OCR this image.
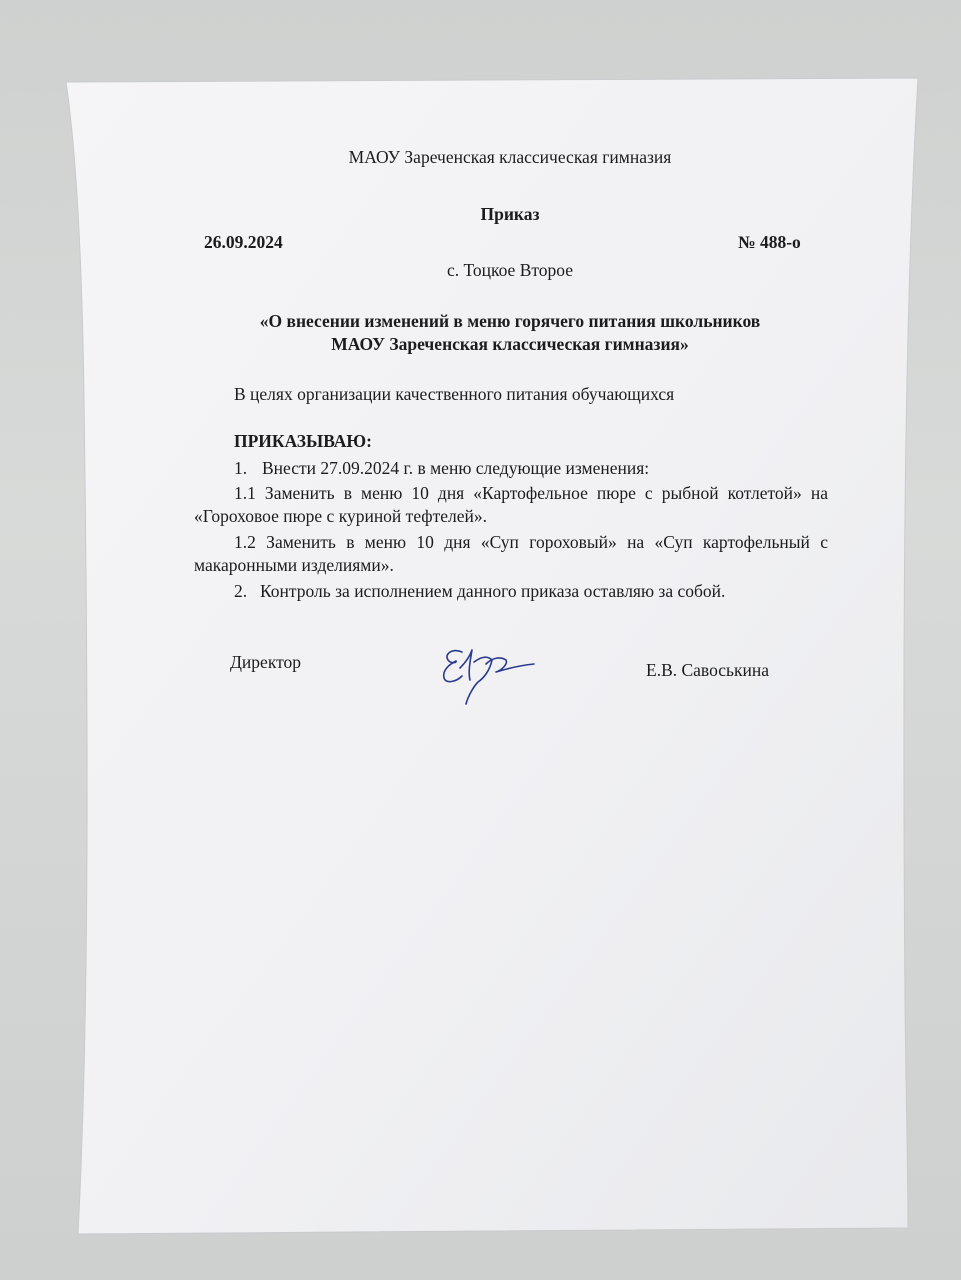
МАОУ Зареченская классическая гимназия
Приказ
26.09.2024	№ 488-о
с. Тоцкое Второе
«О внесении изменений в меню горячего питания школьников
МАОУ Зареченская классическая гимназия»
В целях организации качественного питания обучающихся
ПРИКАЗЫВАЮ:
1. Внести 27.09.2024 г. в меню следующие изменения:
1.1 Заменить в меню 10 дня «Картофельное пюре с рыбной котлетой» на
«Гороховое пюре с куриной тефтелей».
1.2 Заменить в меню 10 дня «Суп гороховый» на «Суп картофельный с
макаронными изделиями».
2. Контроль за исполнением данного приказа оставляю за собой.
Директор	Е.В. Савоськина
